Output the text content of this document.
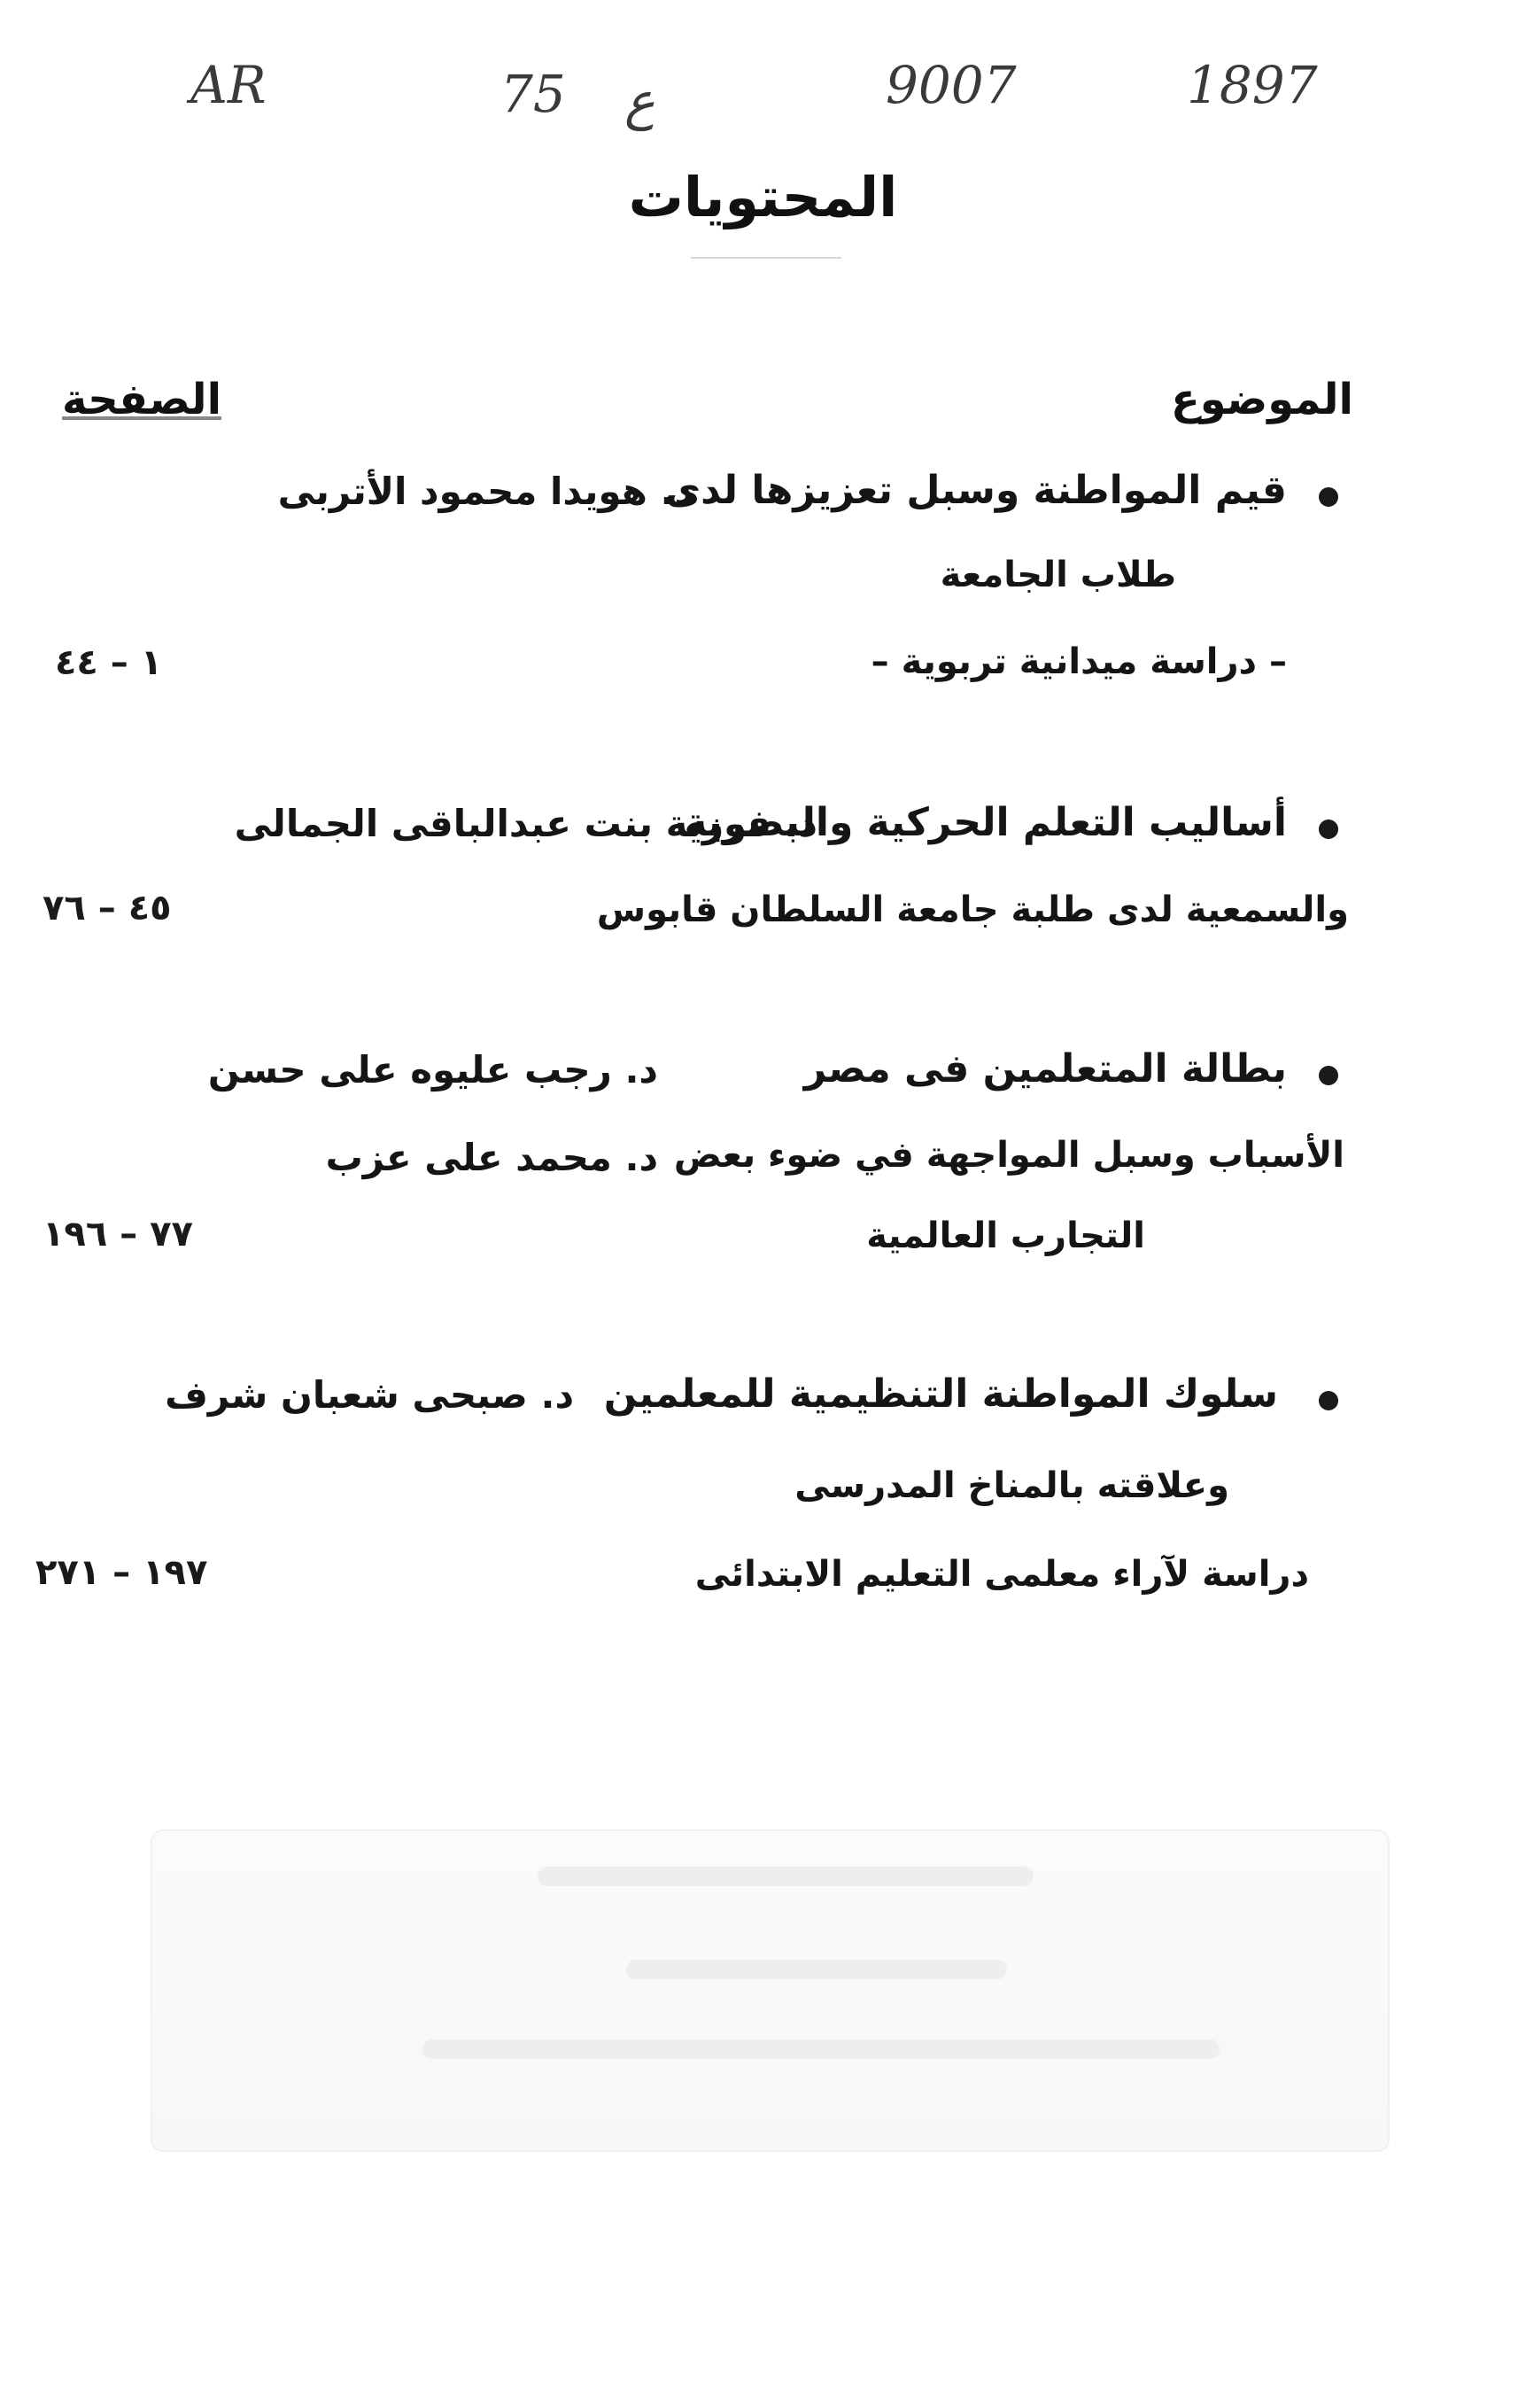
1897
9007
ع
75
AR
المحتويات
الموضوع
الصفحة
قيم المواطنة وسبل تعزيزها لدى
د. هويدا محمود الأتربى
طلاب الجامعة
– دراسة ميدانية تربوية –
١ – ٤٤
أساليب التعلم الحركية والبصرية
د. فوزية بنت عبدالباقى الجمالى
والسمعية لدى طلبة جامعة السلطان قابوس
٤٥ – ٧٦
بطالة المتعلمين فى مصر
د. رجب عليوه على حسن
الأسباب وسبل المواجهة في ضوء بعض
د. محمد على عزب
التجارب العالمية
٧٧ – ١٩٦
سلوك المواطنة التنظيمية للمعلمين
د. صبحى شعبان شرف
وعلاقته بالمناخ المدرسى
دراسة لآراء معلمى التعليم الابتدائى
١٩٧ – ٢٧١
